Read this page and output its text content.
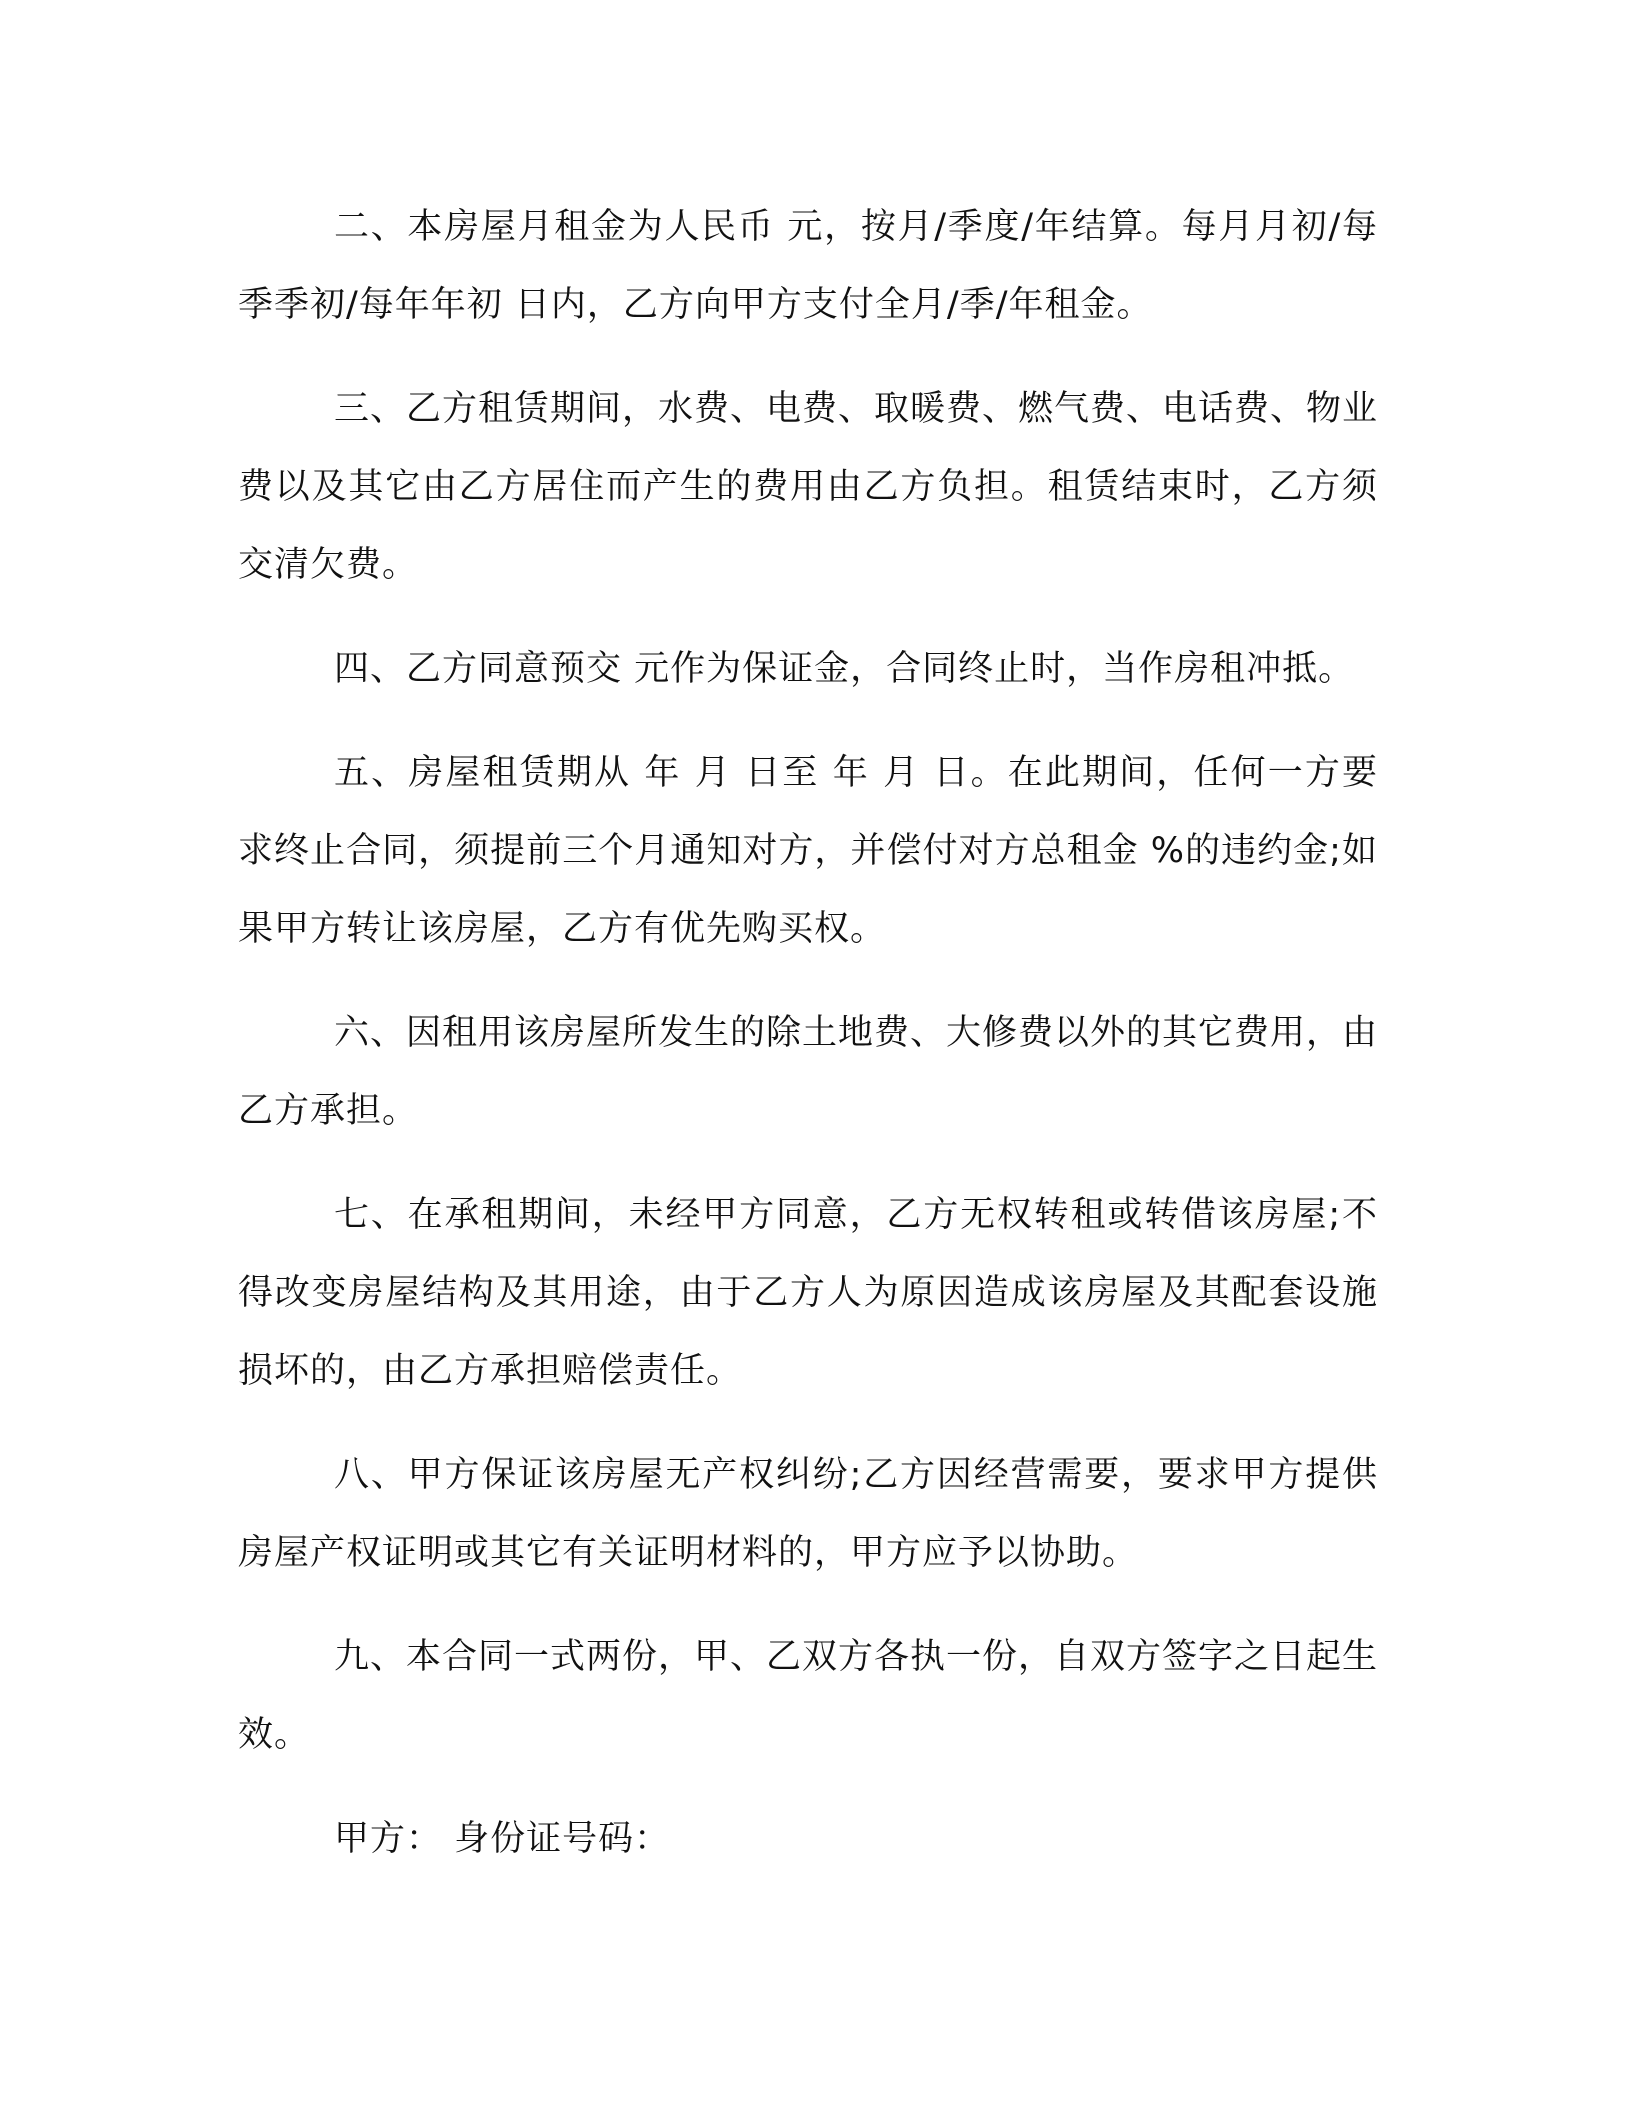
二、本房屋月租金为人民币 元，按月/季度/年结算。每月月初/每季季初/每年年初 日内，乙方向甲方支付全月/季/年租金。

三、乙方租赁期间，水费、电费、取暖费、燃气费、电话费、物业费以及其它由乙方居住而产生的费用由乙方负担。租赁结束时，乙方须交清欠费。

四、乙方同意预交 元作为保证金，合同终止时，当作房租冲抵。

五、房屋租赁期从 年 月 日至 年 月 日。在此期间，任何一方要求终止合同，须提前三个月通知对方，并偿付对方总租金 %的违约金;如果甲方转让该房屋，乙方有优先购买权。

六、因租用该房屋所发生的除土地费、大修费以外的其它费用，由乙方承担。

七、在承租期间，未经甲方同意，乙方无权转租或转借该房屋;不得改变房屋结构及其用途，由于乙方人为原因造成该房屋及其配套设施损坏的，由乙方承担赔偿责任。

八、甲方保证该房屋无产权纠纷;乙方因经营需要，要求甲方提供房屋产权证明或其它有关证明材料的，甲方应予以协助。

九、本合同一式两份，甲、乙双方各执一份，自双方签字之日起生效。

甲方： 身份证号码：
